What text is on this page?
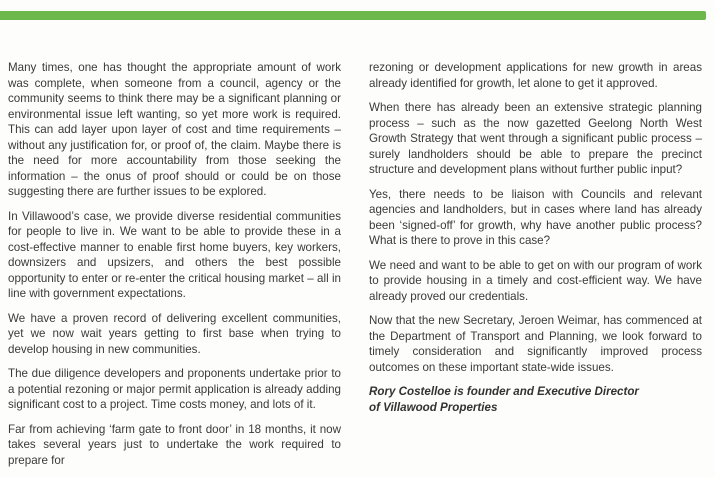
Many times, one has thought the appropriate amount of work was complete, when someone from a council, agency or the community seems to think there may be a significant planning or environmental issue left wanting, so yet more work is required. This can add layer upon layer of cost and time requirements – without any justification for, or proof of, the claim. Maybe there is the need for more accountability from those seeking the information – the onus of proof should or could be on those suggesting there are further issues to be explored.

In Villawood’s case, we provide diverse residential communities for people to live in. We want to be able to provide these in a cost-effective manner to enable first home buyers, key workers, downsizers and upsizers, and others the best possible opportunity to enter or re-enter the critical housing market – all in line with government expectations.

We have a proven record of delivering excellent communities, yet we now wait years getting to first base when trying to develop housing in new communities.

The due diligence developers and proponents undertake prior to a potential rezoning or major permit application is already adding significant cost to a project. Time costs money, and lots of it.

Far from achieving ‘farm gate to front door’ in 18 months, it now takes several years just to undertake the work required to prepare for

rezoning or development applications for new growth in areas already identified for growth, let alone to get it approved.

When there has already been an extensive strategic planning process – such as the now gazetted Geelong North West Growth Strategy that went through a significant public process – surely landholders should be able to prepare the precinct structure and development plans without further public input?

Yes, there needs to be liaison with Councils and relevant agencies and landholders, but in cases where land has already been ‘signed-off’ for growth, why have another public process? What is there to prove in this case?

We need and want to be able to get on with our program of work to provide housing in a timely and cost-efficient way. We have already proved our credentials.

Now that the new Secretary, Jeroen Weimar, has commenced at the Department of Transport and Planning, we look forward to timely consideration and significantly improved process outcomes on these important state-wide issues.

Rory Costelloe is founder and Executive Director
of Villawood Properties
